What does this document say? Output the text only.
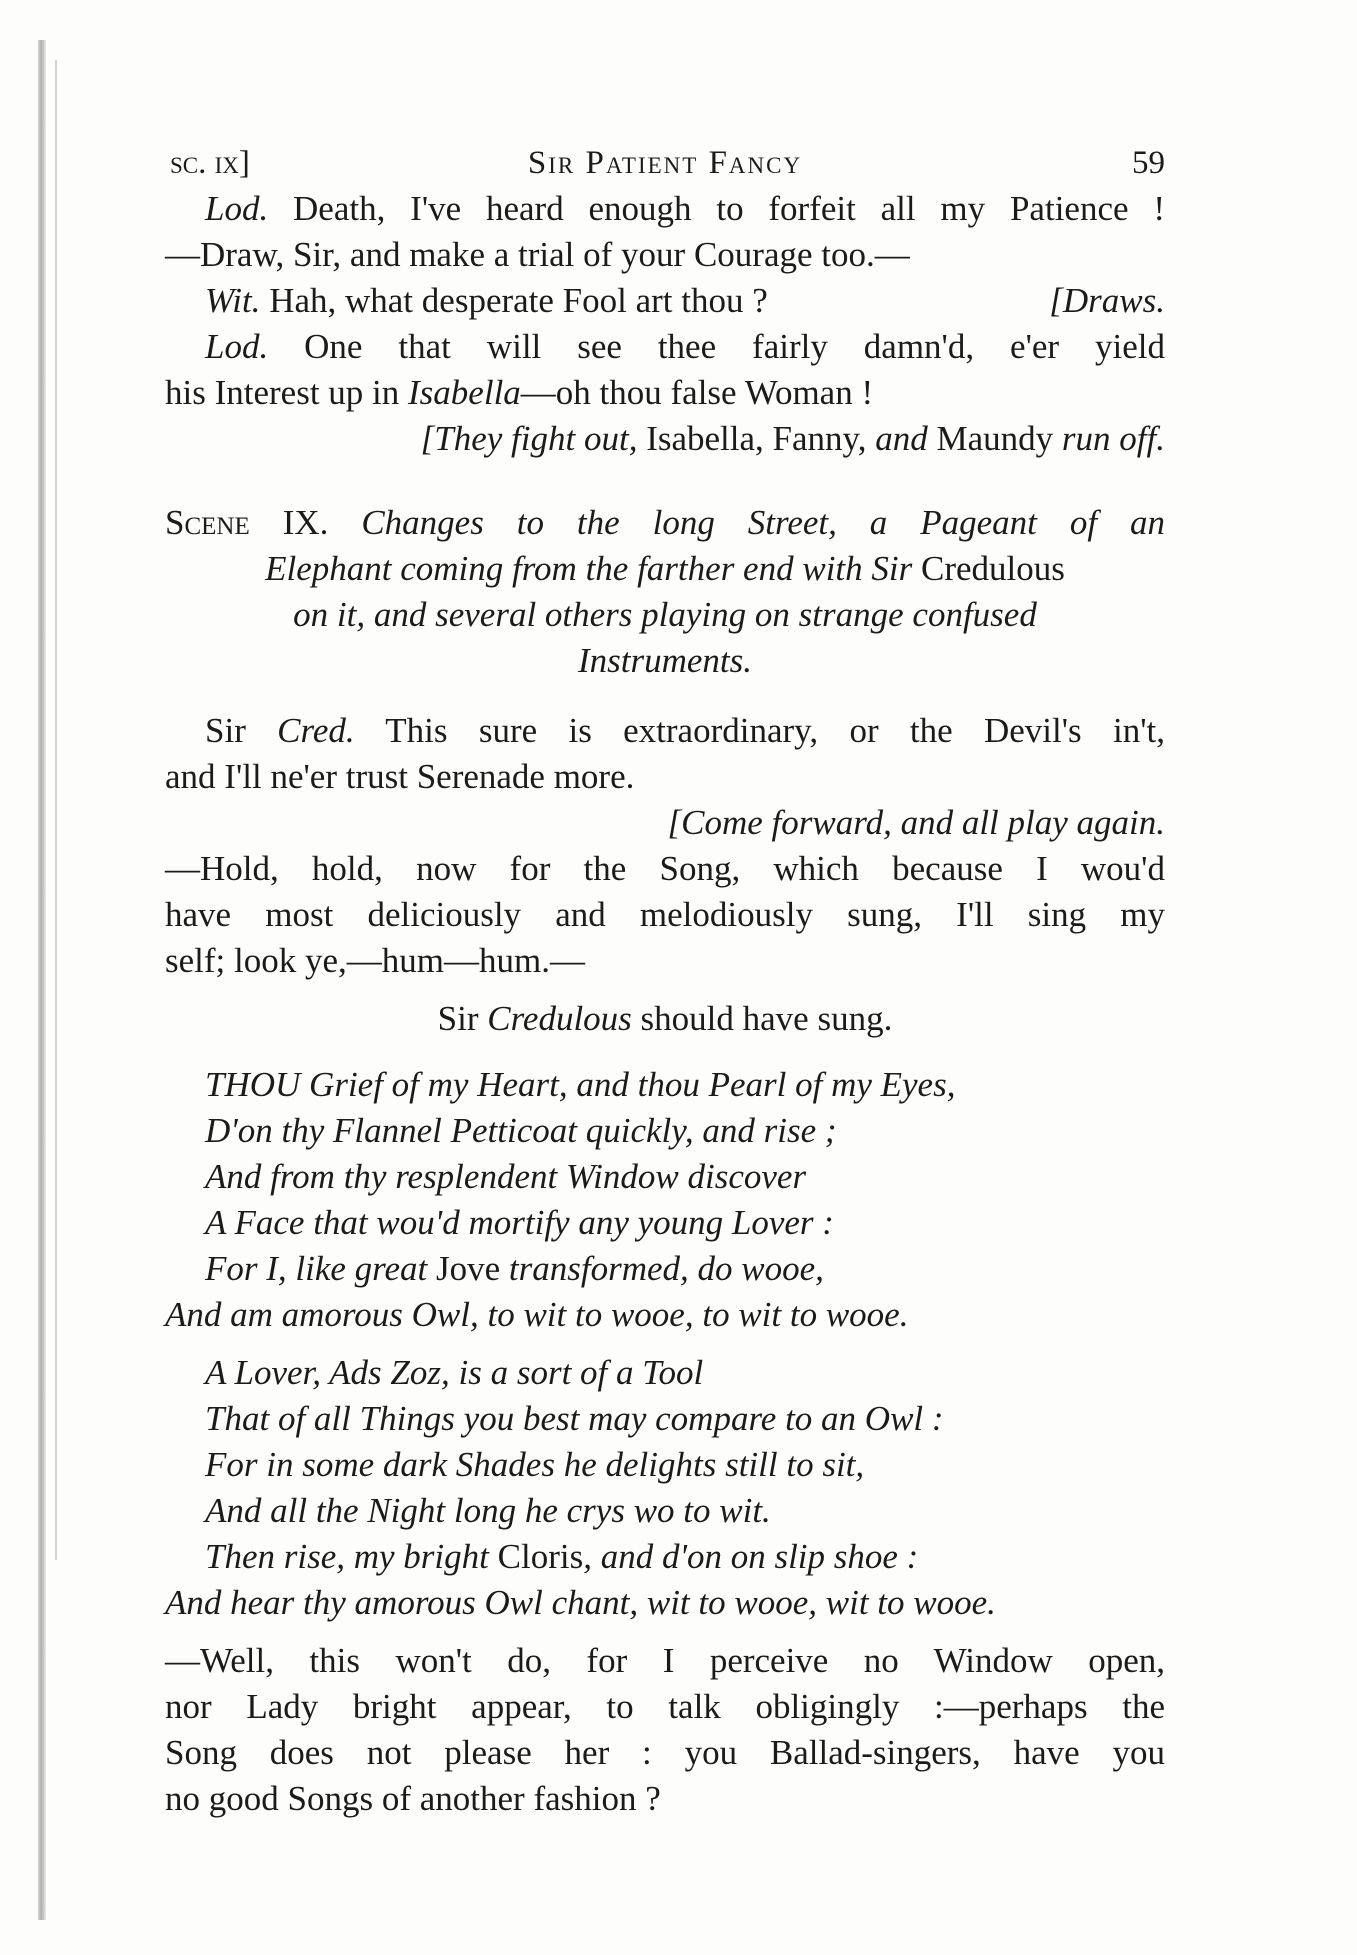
sc. ix]	Sir Patient Fancy	59
Lod. Death, I've heard enough to forfeit all my Patience !
—Draw, Sir, and make a trial of your Courage too.—
Wit. Hah, what desperate Fool art thou ?	[Draws.
Lod. One that will see thee fairly damn'd, e'er yield
his Interest up in Isabella—oh thou false Woman !
[They fight out, Isabella, Fanny, and Maundy run off.
Scene IX. Changes to the long Street, a Pageant of an
Elephant coming from the farther end with Sir Credulous
on it, and several others playing on strange confused
Instruments.
Sir Cred. This sure is extraordinary, or the Devil's in't,
and I'll ne'er trust Serenade more.
[Come forward, and all play again.
—Hold, hold, now for the Song, which because I wou'd
have most deliciously and melodiously sung, I'll sing my
self; look ye,—hum—hum.—
Sir Credulous should have sung.
THOU Grief of my Heart, and thou Pearl of my Eyes,
D'on thy Flannel Petticoat quickly, and rise ;
And from thy resplendent Window discover
A Face that wou'd mortify any young Lover :
For I, like great Jove transformed, do wooe,
And am amorous Owl, to wit to wooe, to wit to wooe.
A Lover, Ads Zoz, is a sort of a Tool
That of all Things you best may compare to an Owl :
For in some dark Shades he delights still to sit,
And all the Night long he crys wo to wit.
Then rise, my bright Cloris, and d'on on slip shoe :
And hear thy amorous Owl chant, wit to wooe, wit to wooe.
—Well, this won't do, for I perceive no Window open,
nor Lady bright appear, to talk obligingly :—perhaps the
Song does not please her : you Ballad-singers, have you
no good Songs of another fashion ?
